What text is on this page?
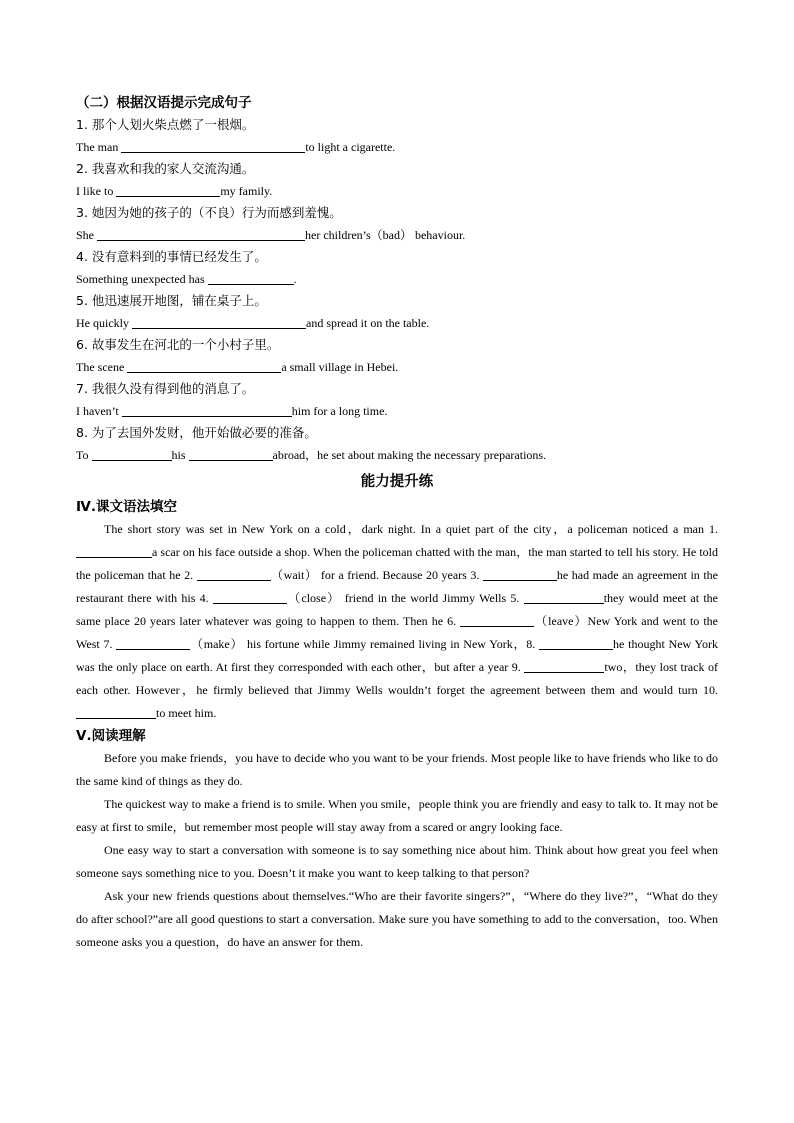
（二）根据汉语提示完成句子

1. 那个人划火柴点燃了一根烟。

The man	to light a cigarette.

2. 我喜欢和我的家人交流沟通。

I like to	my family.

3. 她因为她的孩子的（不良）行为而感到羞愧。

She	her children’s（bad） behaviour.

4. 没有意料到的事情已经发生了。

Something unexpected has	.

5. 他迅速展开地图，铺在桌子上。

He quickly	and spread it on the table.

6. 故事发生在河北的一个小村子里。

The scene	a small village in Hebei.

7. 我很久没有得到他的消息了。

I haven’t	him for a long time.

8. 为了去国外发财，他开始做必要的准备。

To	his	abroad，he set about making the necessary preparations.

能力提升练

Ⅳ.课文语法填空

The short story was set in New York on a cold，dark night. In a quiet part of the city，a policeman noticed a man 1. a scar on his face outside a shop. When the policeman chatted with the man，the man started to tell his story. He told the policeman that he 2.	（wait） for a friend. Because 20 years 3.	he had made an agreement in the restaurant there with his 4.	（close） friend in the world Jimmy Wells 5.	they would meet at the same place 20 years later whatever was going to happen to them. Then he 6.	（leave）New York and went to the West 7.	（make） his fortune while Jimmy remained living in New York，8.	he thought New York was the only place on earth. At first they corresponded with each other，but after a year 9.	two，they lost track of each other. However，he firmly believed that Jimmy Wells wouldn’t forget the agreement between them and would turn 10. to meet him.

Ⅴ.阅读理解

Before you make friends，you have to decide who you want to be your friends. Most people like to have friends who like to do the same kind of things as they do.

The quickest way to make a friend is to smile. When you smile，people think you are friendly and easy to talk to. It may not be easy at first to smile，but remember most people will stay away from a scared or angry looking face.

One easy way to start a conversation with someone is to say something nice about him. Think about how great you feel when someone says something nice to you. Doesn’t it make you want to keep talking to that person?

Ask your new friends questions about themselves.“Who are their favorite singers?”，“Where do they live?”，“What do they do after school?”are all good questions to start a conversation. Make sure you have something to add to the conversation，too. When someone asks you a question，do have an answer for them.
